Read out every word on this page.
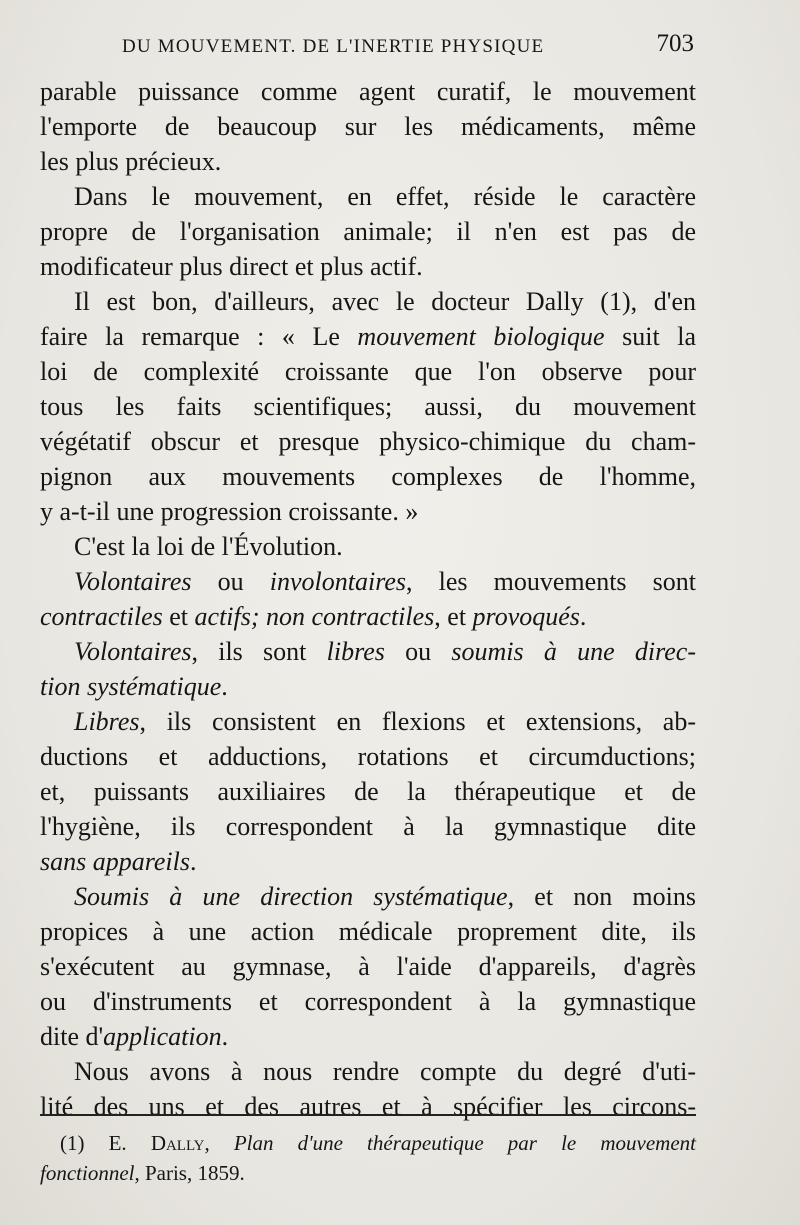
DU MOUVEMENT. DE L'INERTIE PHYSIQUE	703
parable puissance comme agent curatif, le mouvement
l'emporte de beaucoup sur les médicaments, même
les plus précieux.
Dans le mouvement, en effet, réside le caractère
propre de l'organisation animale; il n'en est pas de
modificateur plus direct et plus actif.
Il est bon, d'ailleurs, avec le docteur Dally (1), d'en
faire la remarque : « Le mouvement biologique suit la
loi de complexité croissante que l'on observe pour
tous les faits scientifiques; aussi, du mouvement
végétatif obscur et presque physico-chimique du cham-
pignon aux mouvements complexes de l'homme,
y a-t-il une progression croissante. »
C'est la loi de l'Évolution.
Volontaires ou involontaires, les mouvements sont
contractiles et actifs; non contractiles, et provoqués.
Volontaires, ils sont libres ou soumis à une direc-
tion systématique.
Libres, ils consistent en flexions et extensions, ab-
ductions et adductions, rotations et circumductions;
et, puissants auxiliaires de la thérapeutique et de
l'hygiène, ils correspondent à la gymnastique dite
sans appareils.
Soumis à une direction systématique, et non moins
propices à une action médicale proprement dite, ils
s'exécutent au gymnase, à l'aide d'appareils, d'agrès
ou d'instruments et correspondent à la gymnastique
dite d'application.
Nous avons à nous rendre compte du degré d'uti-
lité des uns et des autres et à spécifier les circons-
(1) E. Dally, Plan d'une thérapeutique par le mouvement
fonctionnel, Paris, 1859.
